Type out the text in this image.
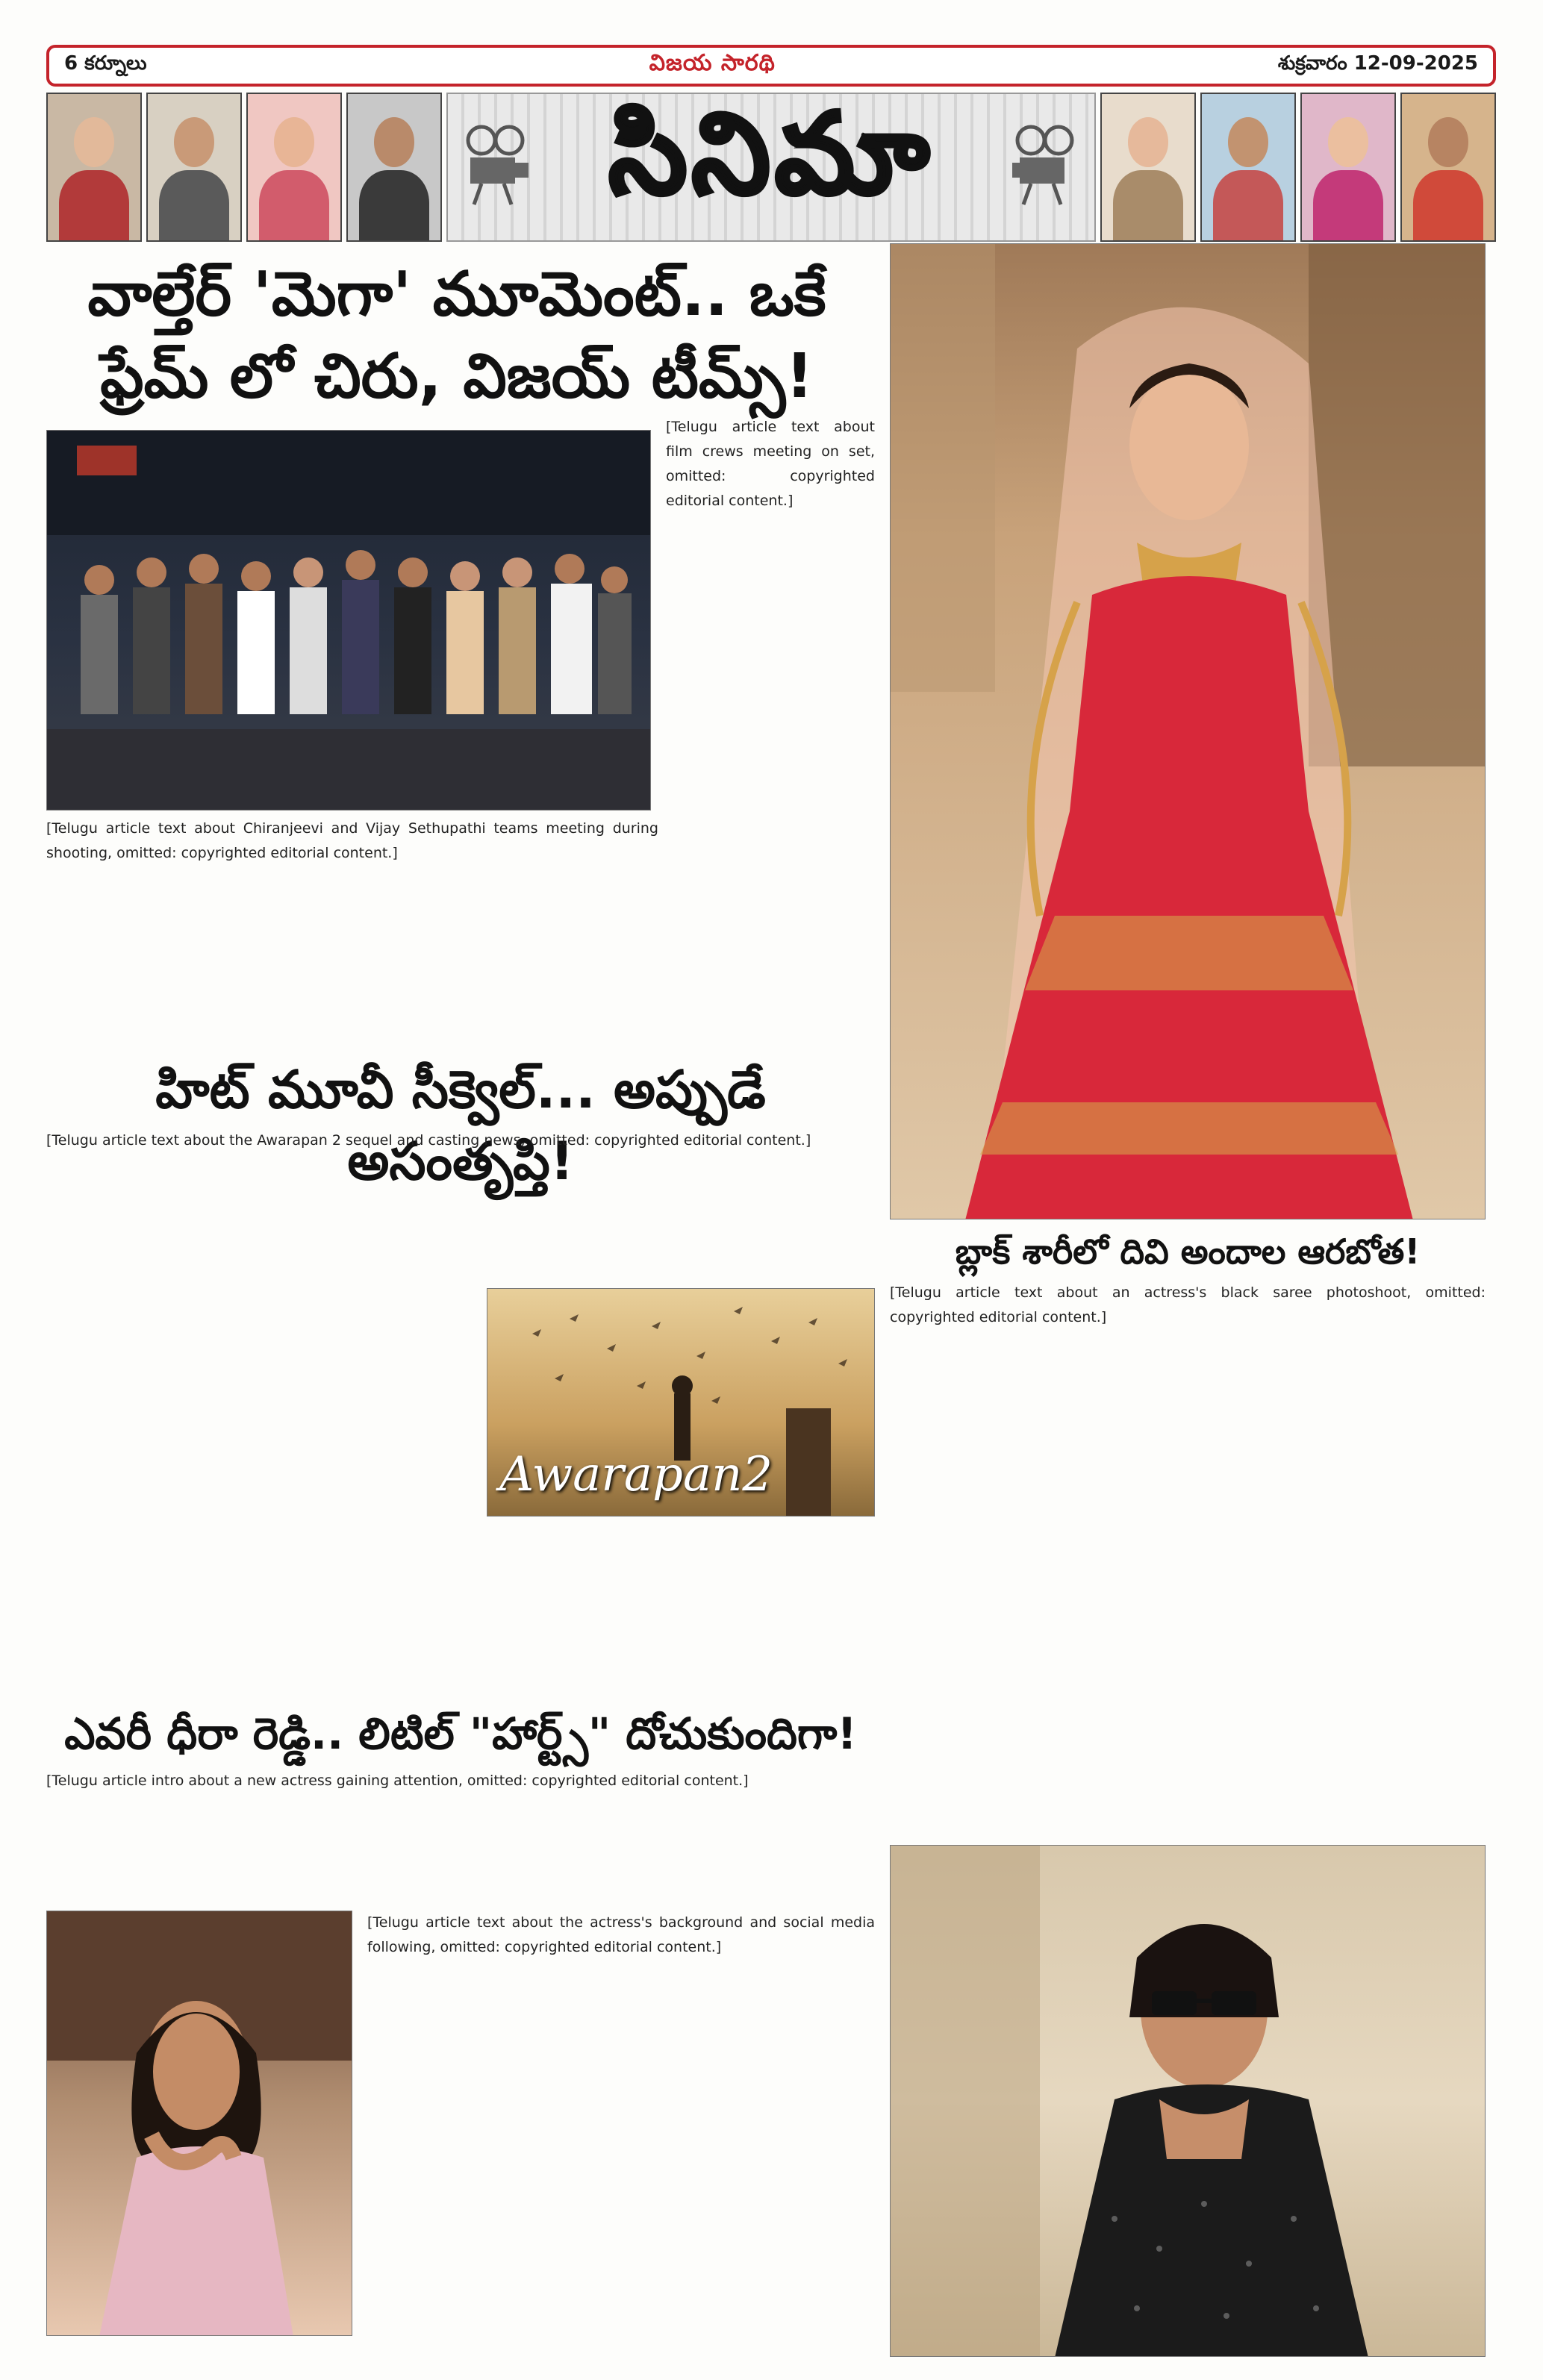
6 కర్నూలు	విజయ సారథి	శుక్రవారం 12-09-2025
సినిమా
వాల్తేర్ 'మెగా' మూమెంట్.. ఒకే
ఫ్రేమ్ లో చిరు, విజయ్ టీమ్స్!
[Telugu article text about film crews meeting on set, omitted: copyrighted editorial content.]
[Telugu article text about Chiranjeevi and Vijay Sethupathi teams meeting during shooting, omitted: copyrighted editorial content.]
బ్లాక్ శారీలో దివి అందాల ఆరబోత!
హిట్ మూవీ సీక్వెల్... అప్పుడే అసంతృప్తి!
[Telugu article text about the Awarapan 2 sequel and casting news, omitted: copyrighted editorial content.]
Awarapan2
[Telugu article text about an actress's black saree photoshoot, omitted: copyrighted editorial content.]
ఎవరీ ధీరా రెడ్డి.. లిటిల్ "హార్ట్స్" దోచుకుందిగా!
[Telugu article intro about a new actress gaining attention, omitted: copyrighted editorial content.]
[Telugu article text about the actress's background and social media following, omitted: copyrighted editorial content.]
